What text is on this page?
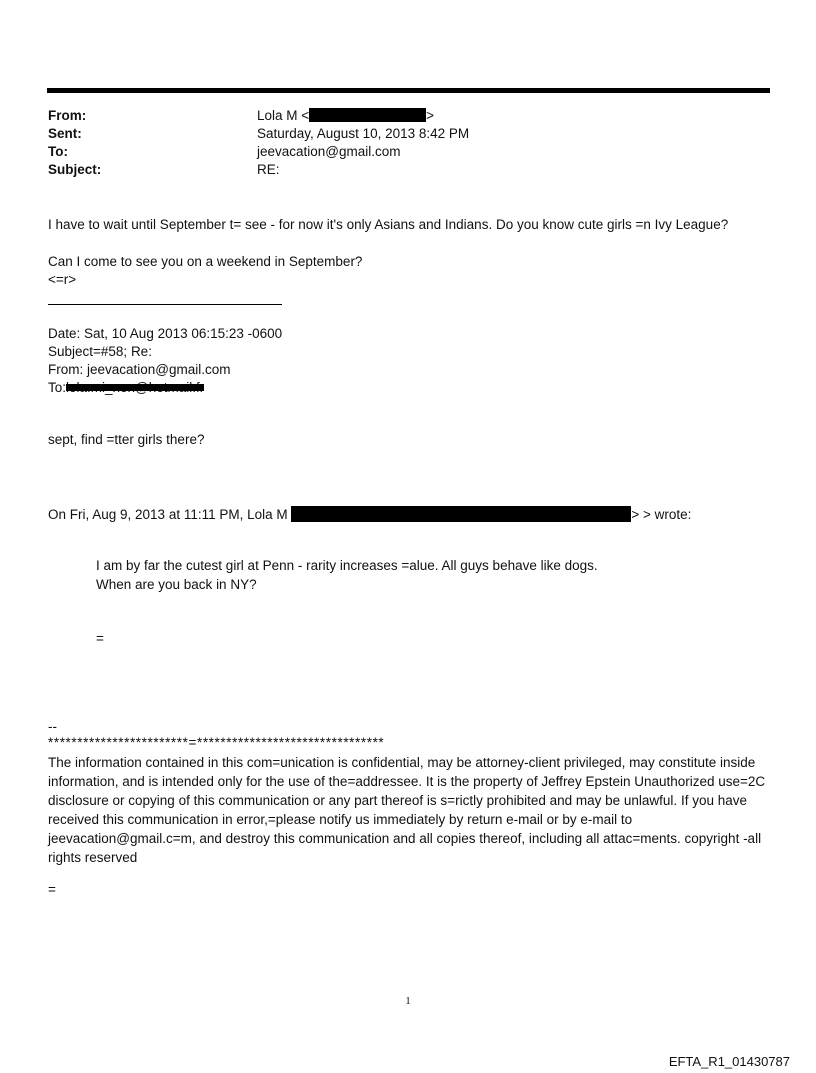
From:	Lola M <	>
Sent:	Saturday, August 10, 2013 8:42 PM
To:	jeevacation@gmail.com
Subject:	RE:
I have to wait until September t= see - for now it's only Asians and Indians. Do you know cute girls =n Ivy League?
Can I come to see you on a weekend in September?
<=r>
Date: Sat, 10 Aug 2013 06:15:23 -0600
Subject=#58; Re:
From: jeevacation@gmail.com
To:
sept, find =tter girls there?
On Fri, Aug 9, 2013 at 11:11 PM, Lola M	> > wrote:
I am by far the cutest girl at Penn - rarity increases =alue. All guys behave like dogs.
When are you back in NY?
=
--
************************=********************************
The information contained in this com=unication is confidential, may be attorney-client privileged, may constitute inside information, and is intended only for the use of the=addressee. It is the property of Jeffrey Epstein Unauthorized use=2C disclosure or copying of this communication or any part thereof is s=rictly prohibited and may be unlawful. If you have received this communication in error,=please notify us immediately by return e-mail or by e-mail to jeevacation@gmail.c=m, and destroy this communication and all copies thereof, including all attac=ments. copyright -all rights reserved
=
1
EFTA_R1_01430787
